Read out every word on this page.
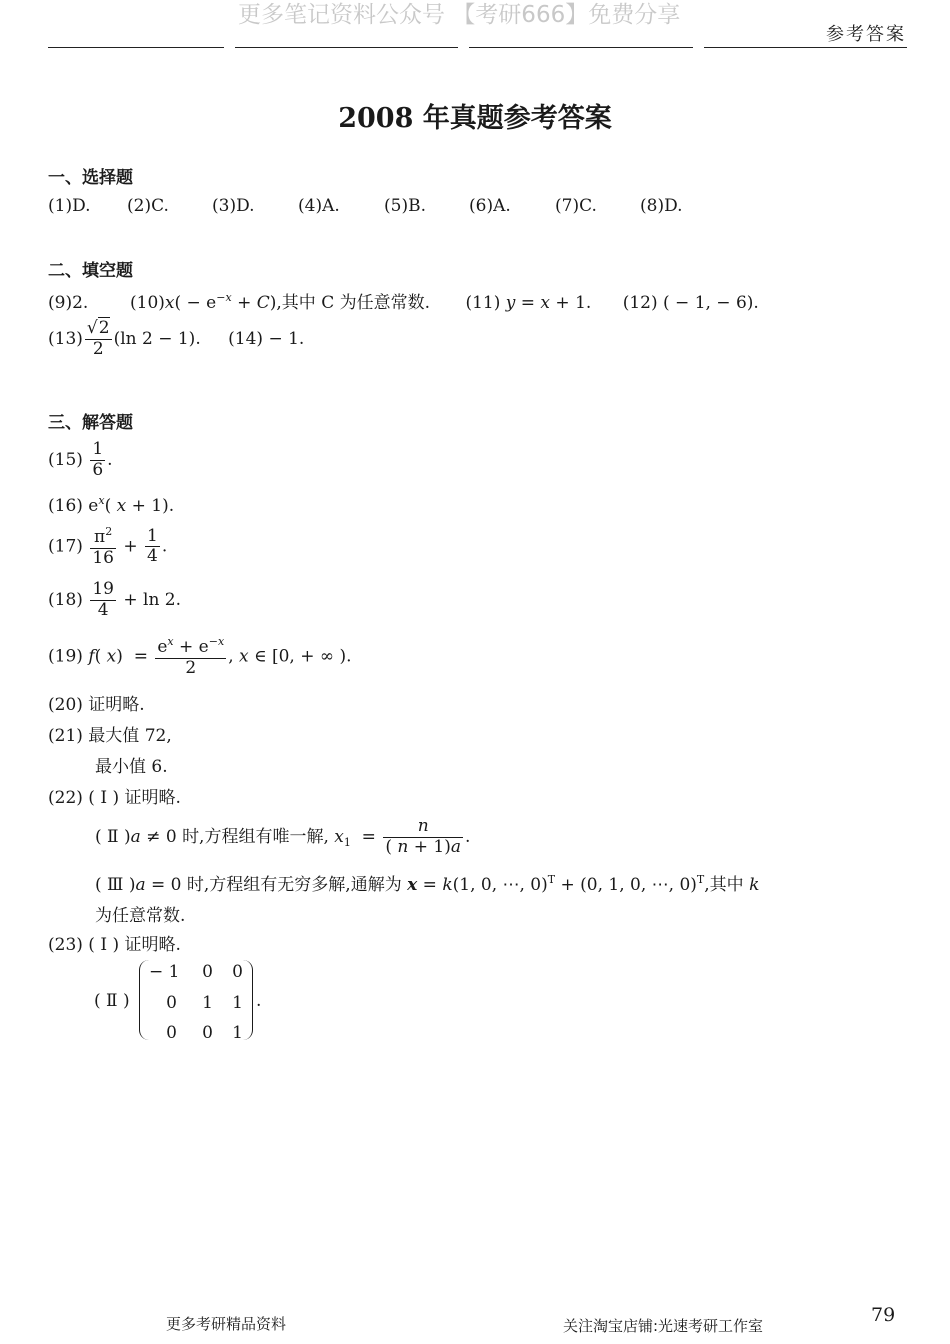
更多笔记资料公众号 【考研666】免费分享
参考答案
2008 年真题参考答案
一、选择题
(1)D. (2)C.	(3)D.	(4)A.	(5)B.	(6)A.	(7)C.	(8)D.
二、填空题
(9)2. $(10)x( - e^{-x} + C)$,其中 C 为任意常数. (11) y = x + 1. (12) ( − 1, − 6).
$(13) \frac{√2}{2} (\ln$ 2 − 1). (14) − 1.
三、解答题
$(15) \frac{1}{6}$ .
(16) $e^x$( x + 1).
$(17) \frac{\pi^2}{16} + \frac{1}{4}$ .
$(18) \frac{19}{4} + \ln 2$.
(19) f( $x) = \frac{e^x + e^{-x}}{2}$ , x ∈ [0, + ∞ ).
(20) 证明略.
(21) 最大值 72,
最小值 6.
(22) ( Ⅰ ) 证明略.
( Ⅱ )a ≠ 0 时,方程组有唯一解, $x_1 = \frac{n}{( n + 1)a}$ .
( Ⅲ )a = 0 时,方程组有无穷多解,通解为 x = k(1, 0, ⋯, 0)$^T$ + (0, 1, 0, ⋯, 0)$^T$,其中 k
为任意常数.
(23) ( Ⅰ ) 证明略.
( Ⅱ )
− 1	0	0
0	1	1
0	0	1
.
更多考研精品资料	关注淘宝店铺:光速考研工作室	79
